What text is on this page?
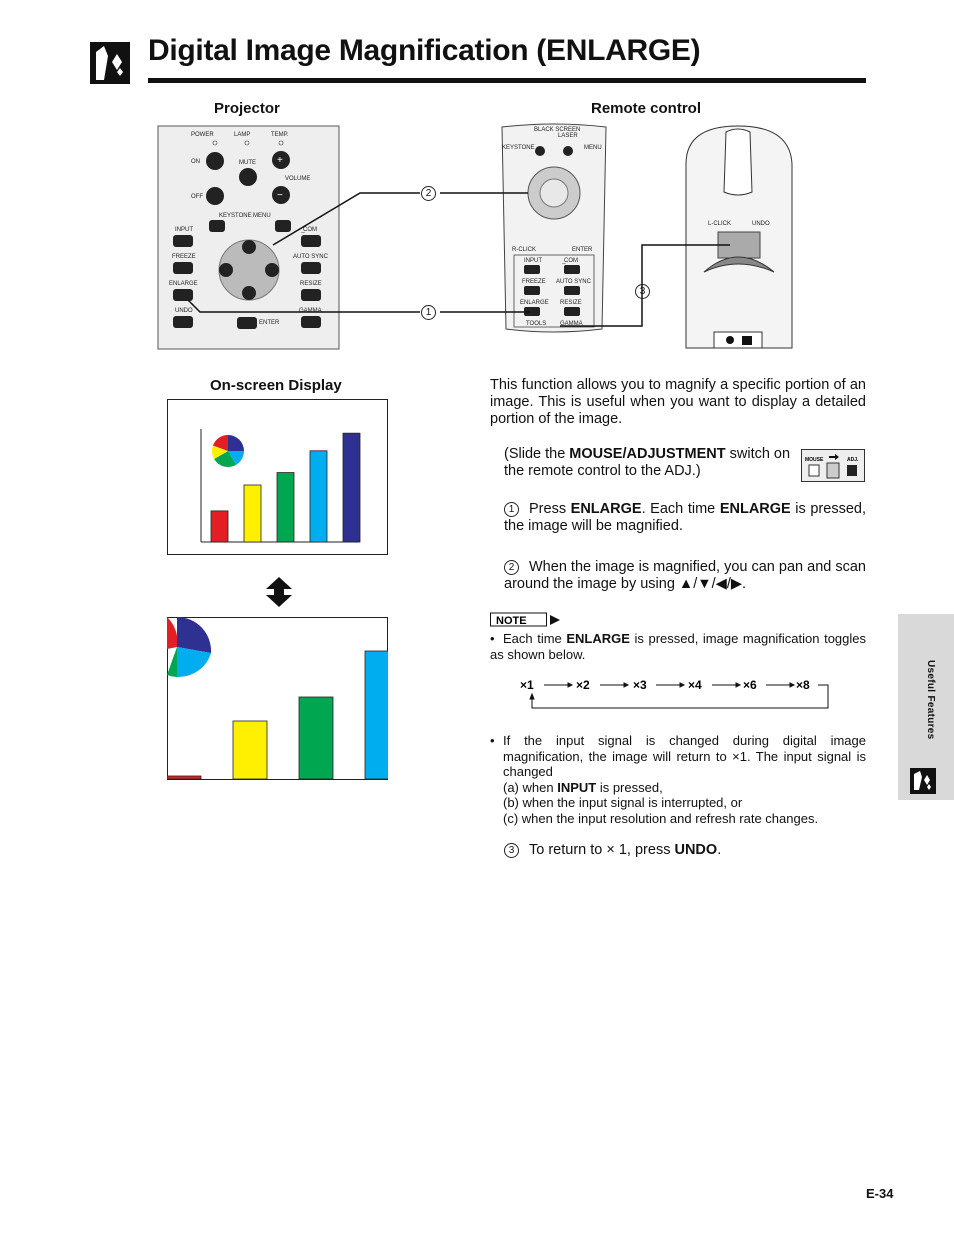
Digital Image Magnification (ENLARGE)
Projector	Remote control
POWER	LAMP	TEMP.
ON	MUTE +
VOLUME
OFF	−
KEYSTONE MENU
INPUT	̲COM
FREEZE	AUTO SYNC
ENLARGE	RESIZE
UNDO
ENTER
GAMMA
BLACK SCREEN
LASER
KEYSTONE	MENU
R-CLICK	ENTER
INPUT	̲COM
FREEZE AUTO SYNC
ENLARGE RESIZE
TOOLS GAMMA
L-CLICK	UNDO
2
1
3
On-screen Display	This function allows you to magnify a specific portion of an image. This is useful when you want to display a detailed portion of the image.
(Slide the MOUSE/ADJUSTMENT switch on the remote control to the ADJ.)
MOUSE	ADJ.
1 Press ENLARGE. Each time ENLARGE is pressed, the image will be magnified.
2 When the image is magnified, you can pan and scan around the image by using ▲/▼/◀/▶.
NOTE
• Each time ENLARGE is pressed, image magnification toggles as shown below.
×1	×2	×3	×4	×6	×8
• If the input signal is changed during digital image magnification, the image will return to ×1. The input signal is changed
(a) when INPUT is pressed,
(b) when the input signal is interrupted, or
(c) when the input resolution and refresh rate changes.
3 To return to × 1, press UNDO.
Useful Features
E-34
